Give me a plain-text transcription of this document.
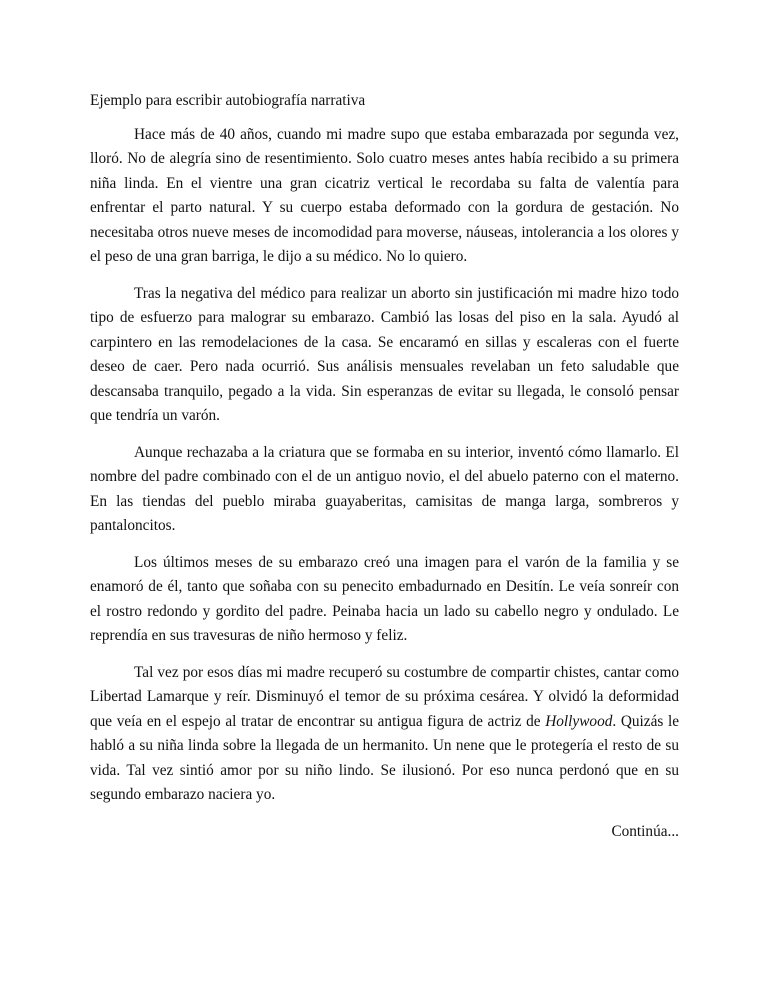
Ejemplo para escribir autobiografía narrativa

Hace más de 40 años, cuando mi madre supo que estaba embarazada por segunda vez, lloró. No de alegría sino de resentimiento. Solo cuatro meses antes había recibido a su primera niña linda. En el vientre una gran cicatriz vertical le recordaba su falta de valentía para enfrentar el parto natural. Y su cuerpo estaba deformado con la gordura de gestación. No necesitaba otros nueve meses de incomodidad para moverse, náuseas, intolerancia a los olores y el peso de una gran barriga, le dijo a su médico. No lo quiero.

Tras la negativa del médico para realizar un aborto sin justificación mi madre hizo todo tipo de esfuerzo para malograr su embarazo. Cambió las losas del piso en la sala. Ayudó al carpintero en las remodelaciones de la casa. Se encaramó en sillas y escaleras con el fuerte deseo de caer. Pero nada ocurrió. Sus análisis mensuales revelaban un feto saludable que descansaba tranquilo, pegado a la vida. Sin esperanzas de evitar su llegada, le consoló pensar que tendría un varón.

Aunque rechazaba a la criatura que se formaba en su interior, inventó cómo llamarlo. El nombre del padre combinado con el de un antiguo novio, el del abuelo paterno con el materno. En las tiendas del pueblo miraba guayaberitas, camisitas de manga larga, sombreros y pantaloncitos.

Los últimos meses de su embarazo creó una imagen para el varón de la familia y se enamoró de él, tanto que soñaba con su penecito embadurnado en Desitín. Le veía sonreír con el rostro redondo y gordito del padre. Peinaba hacia un lado su cabello negro y ondulado. Le reprendía en sus travesuras de niño hermoso y feliz.

Tal vez por esos días mi madre recuperó su costumbre de compartir chistes, cantar como Libertad Lamarque y reír. Disminuyó el temor de su próxima cesárea. Y olvidó la deformidad que veía en el espejo al tratar de encontrar su antigua figura de actriz de Hollywood. Quizás le habló a su niña linda sobre la llegada de un hermanito. Un nene que le protegería el resto de su vida. Tal vez sintió amor por su niño lindo. Se ilusionó. Por eso nunca perdonó que en su segundo embarazo naciera yo.

Continúa...
